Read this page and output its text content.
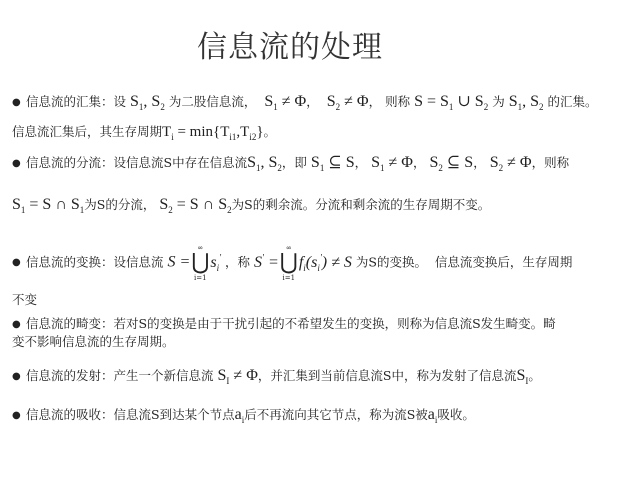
信息流的处理
● 信息流的汇集：设 $S_1$, $S_2$ 为二股信息流，  $S_1 \ne \Phi$，  $S_2 \ne \Phi$， 则称 $S = S_1$ ∪ $S_2$ 为 $S_1$, $S_2$ 的汇集。
信息流汇集后，其生存周期$T_i = \min\{T_{i1},T_{i2}\}$。
● 信息流的分流：设信息流S中存在信息流$S_1$, $S_2$，即 $S_1$ ⊆ S， $S_1 \ne \Phi$， $S_2$ ⊆ S， $S_2 \ne \Phi$，则称
$S_1 = S$ ∩ $S_1$为S的分流， $S_2 = S$ ∩ $S_2$为S的剩余流。分流和剩余流的生存周期不变。
● 信息流的变换：设信息流 S =
∞
⋃
i=1
$s_i'$ ，称 S' =
∞
⋃
i=1
$f_i(s_i') \ne S$ 为S的变换。 信息流变换后，生存周期
不变
● 信息流的畸变：若对S的变换是由于干扰引起的不希望发生的变换，则称为信息流S发生畸变。畸
变不影响信息流的生存周期。
● 信息流的发射：产生一个新信息流 $S_I \ne \Phi$，并汇集到当前信息流S中，称为发射了信息流$S_I$。
● 信息流的吸收：信息流S到达某个节点$a_i$后不再流向其它节点，称为流S被$a_i$吸收。
